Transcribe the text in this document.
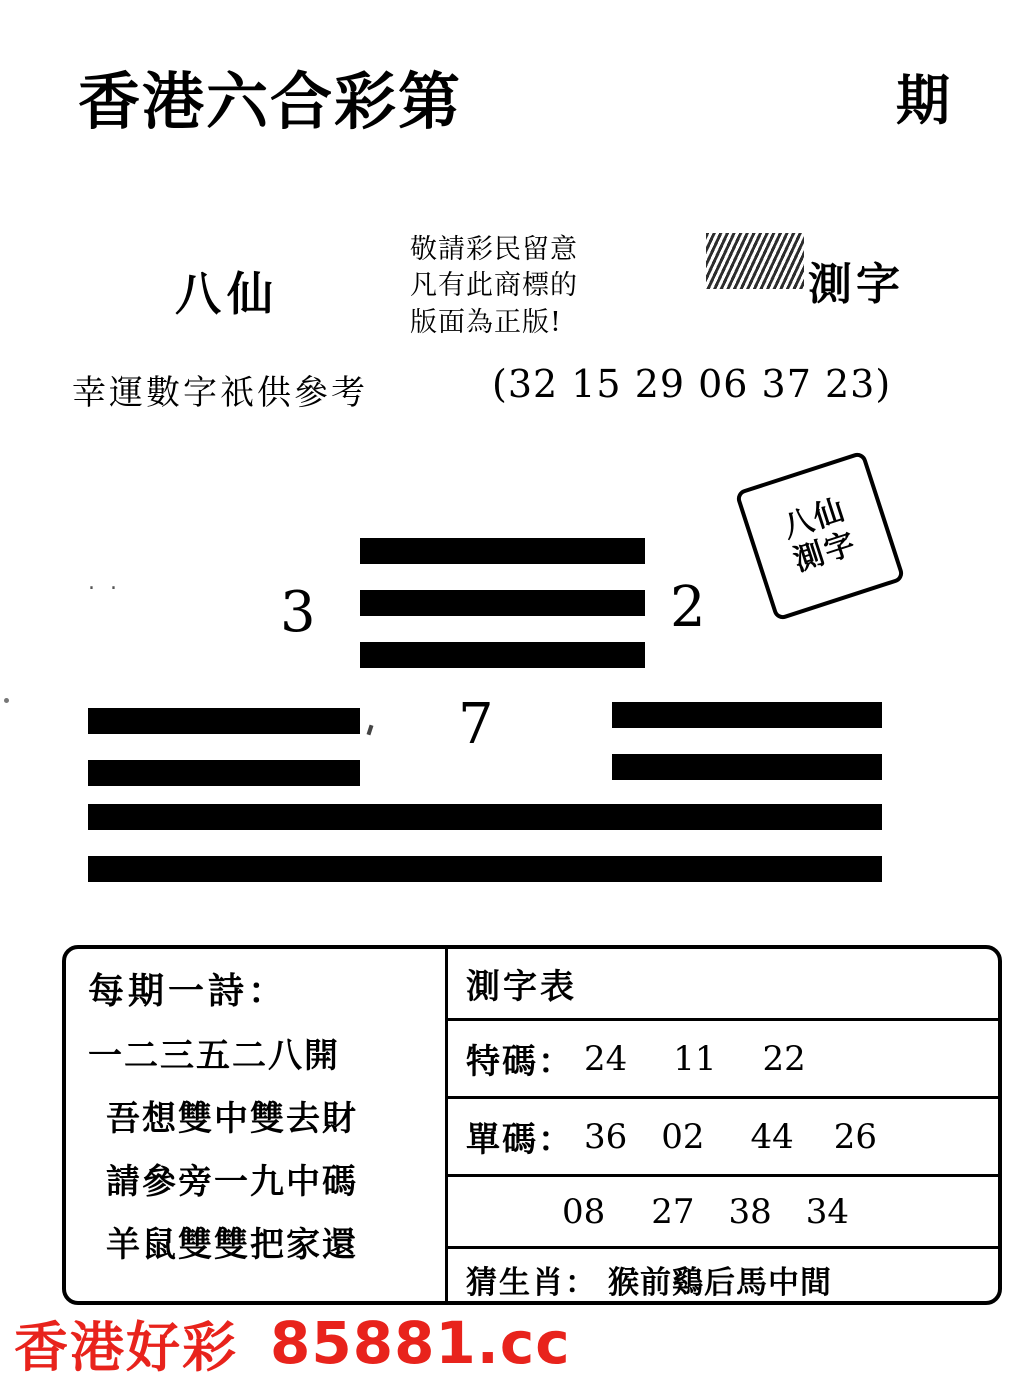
香港六合彩第	期
八仙
敬請彩民留意
凡有此商標的
版面為正版!
測字
幸運數字祇供參考	(32 15 29 06 37 23)
. .	3	2
7
八仙
測字
每期一詩：
一二三五二八開
吾想雙中雙去財
請參旁一九中碼
羊鼠雙雙把家還
測字表
特碼： 24 11 22
單碼： 36 02 44 26
08 27 38 34
猜生肖： 猴前鷄后馬中間
香港好彩 85881.cc
